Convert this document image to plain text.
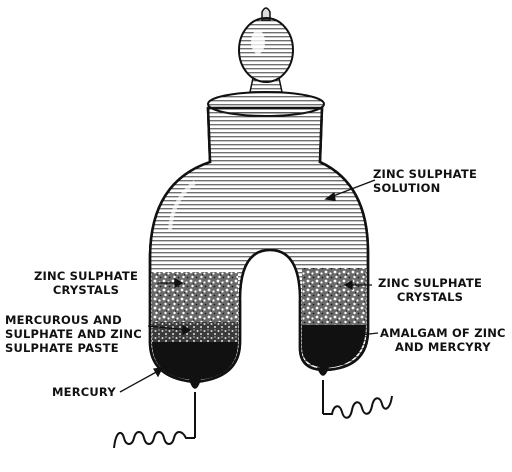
ZINC SULPHATE
SOLUTION
ZINC SULPHATE
CRYSTALS	ZINC SULPHATE
CRYSTALS
MERCUROUS AND
SULPHATE AND ZINC
SULPHATE PASTE
AMALGAM OF ZINC
AND MERCYRY
MERCURY
